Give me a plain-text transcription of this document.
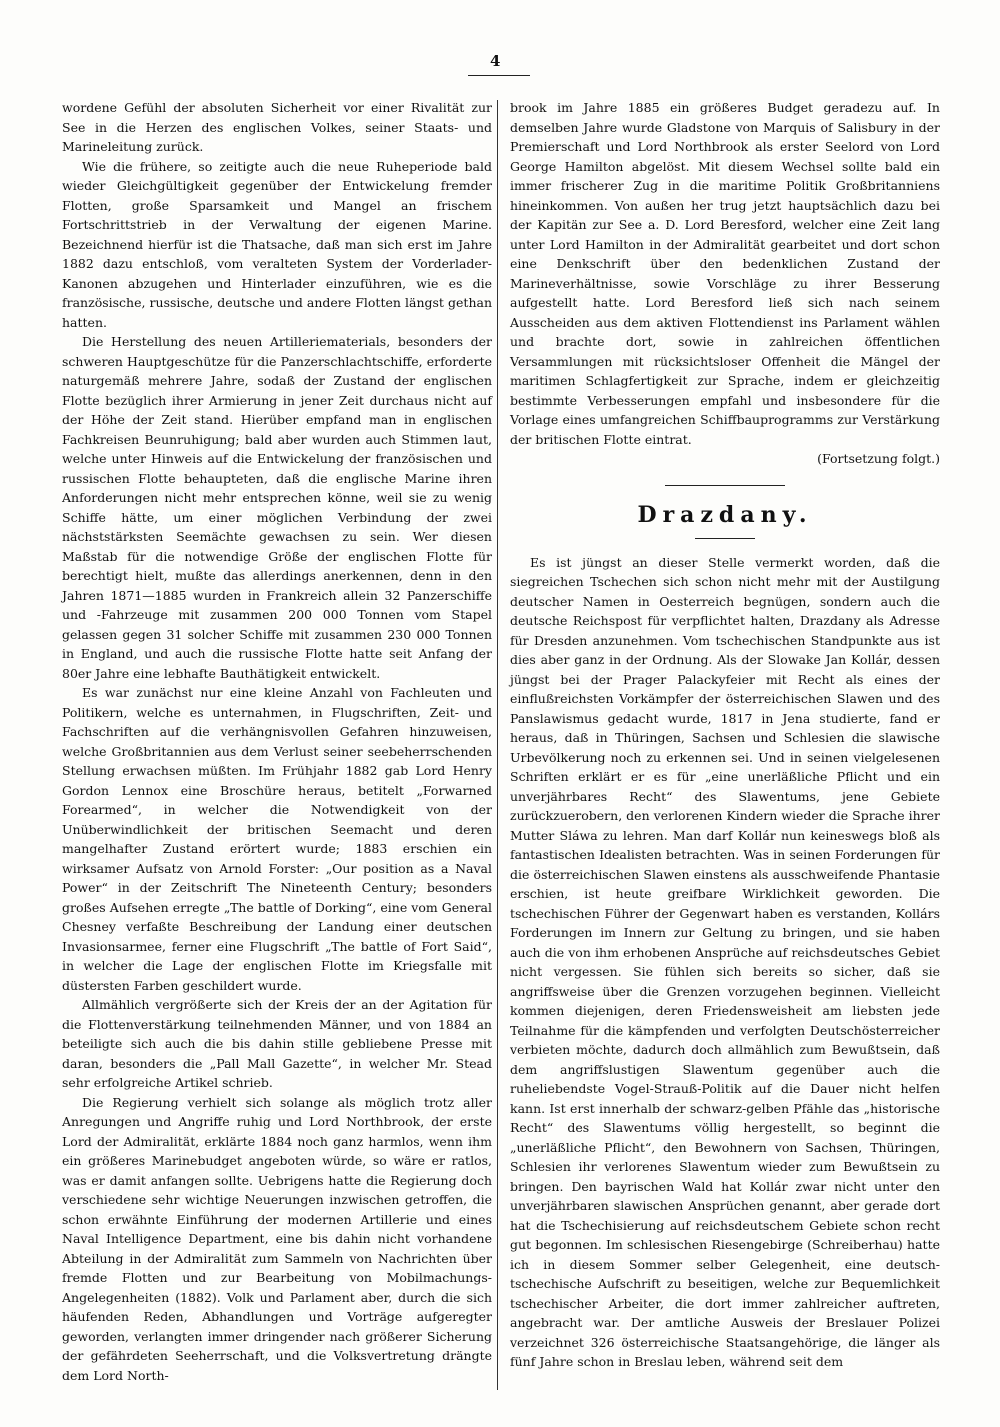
4

wordene Gefühl der absoluten Sicherheit vor einer Rivalität zur See in die Herzen des englischen Volkes, seiner Staats- und Marineleitung zurück.

Wie die frühere, so zeitigte auch die neue Ruheperiode bald wieder Gleichgültigkeit gegenüber der Entwickelung fremder Flotten, große Sparsamkeit und Mangel an frischem Fortschrittstrieb in der Verwaltung der eigenen Marine. Bezeichnend hierfür ist die Thatsache, daß man sich erst im Jahre 1882 dazu entschloß, vom veralteten System der Vorderlader-Kanonen abzugehen und Hinterlader einzuführen, wie es die französische, russische, deutsche und andere Flotten längst gethan hatten.

Die Herstellung des neuen Artilleriematerials, besonders der schweren Hauptgeschütze für die Panzerschlachtschiffe, erforderte naturgemäß mehrere Jahre, sodaß der Zustand der englischen Flotte bezüglich ihrer Armierung in jener Zeit durchaus nicht auf der Höhe der Zeit stand. Hierüber empfand man in englischen Fachkreisen Beunruhigung; bald aber wurden auch Stimmen laut, welche unter Hinweis auf die Entwickelung der französischen und russischen Flotte behaupteten, daß die englische Marine ihren Anforderungen nicht mehr entsprechen könne, weil sie zu wenig Schiffe hätte, um einer möglichen Verbindung der zwei nächststärksten Seemächte gewachsen zu sein. Wer diesen Maßstab für die notwendige Größe der englischen Flotte für berechtigt hielt, mußte das allerdings anerkennen, denn in den Jahren 1871—1885 wurden in Frankreich allein 32 Panzerschiffe und -Fahrzeuge mit zusammen 200 000 Tonnen vom Stapel gelassen gegen 31 solcher Schiffe mit zusammen 230 000 Tonnen in England, und auch die russische Flotte hatte seit Anfang der 80er Jahre eine lebhafte Bauthätigkeit entwickelt.

Es war zunächst nur eine kleine Anzahl von Fachleuten und Politikern, welche es unternahmen, in Flugschriften, Zeit- und Fachschriften auf die verhängnisvollen Gefahren hinzuweisen, welche Großbritannien aus dem Verlust seiner seebeherrschenden Stellung erwachsen müßten. Im Frühjahr 1882 gab Lord Henry Gordon Lennox eine Broschüre heraus, betitelt „Forwarned Forearmed“, in welcher die Notwendigkeit von der Unüberwindlichkeit der britischen Seemacht und deren mangelhafter Zustand erörtert wurde; 1883 erschien ein wirksamer Aufsatz von Arnold Forster: „Our position as a Naval Power“ in der Zeitschrift The Nineteenth Century; besonders großes Aufsehen erregte „The battle of Dorking“, eine vom General Chesney verfaßte Beschreibung der Landung einer deutschen Invasionsarmee, ferner eine Flugschrift „The battle of Fort Said“, in welcher die Lage der englischen Flotte im Kriegsfalle mit düstersten Farben geschildert wurde.

Allmählich vergrößerte sich der Kreis der an der Agitation für die Flottenverstärkung teilnehmenden Männer, und von 1884 an beteiligte sich auch die bis dahin stille gebliebene Presse mit daran, besonders die „Pall Mall Gazette“, in welcher Mr. Stead sehr erfolgreiche Artikel schrieb.

Die Regierung verhielt sich solange als möglich trotz aller Anregungen und Angriffe ruhig und Lord Northbrook, der erste Lord der Admiralität, erklärte 1884 noch ganz harmlos, wenn ihm ein größeres Marinebudget angeboten würde, so wäre er ratlos, was er damit anfangen sollte. Uebrigens hatte die Regierung doch verschiedene sehr wichtige Neuerungen inzwischen getroffen, die schon erwähnte Einführung der modernen Artillerie und eines Naval Intelligence Department, eine bis dahin nicht vorhandene Abteilung in der Admiralität zum Sammeln von Nachrichten über fremde Flotten und zur Bearbeitung von Mobilmachungs-Angelegenheiten (1882). Volk und Parlament aber, durch die sich häufenden Reden, Abhandlungen und Vorträge aufgeregter geworden, verlangten immer dringender nach größerer Sicherung der gefährdeten Seeherrschaft, und die Volksvertretung drängte dem Lord North-

brook im Jahre 1885 ein größeres Budget geradezu auf. In demselben Jahre wurde Gladstone von Marquis of Salisbury in der Premierschaft und Lord Northbrook als erster Seelord von Lord George Hamilton abgelöst. Mit diesem Wechsel sollte bald ein immer frischerer Zug in die maritime Politik Großbritanniens hineinkommen. Von außen her trug jetzt hauptsächlich dazu bei der Kapitän zur See a. D. Lord Beresford, welcher eine Zeit lang unter Lord Hamilton in der Admiralität gearbeitet und dort schon eine Denkschrift über den bedenklichen Zustand der Marineverhältnisse, sowie Vorschläge zu ihrer Besserung aufgestellt hatte. Lord Beresford ließ sich nach seinem Ausscheiden aus dem aktiven Flottendienst ins Parlament wählen und brachte dort, sowie in zahlreichen öffentlichen Versammlungen mit rücksichtsloser Offenheit die Mängel der maritimen Schlagfertigkeit zur Sprache, indem er gleichzeitig bestimmte Verbesserungen empfahl und insbesondere für die Vorlage eines umfangreichen Schiffbauprogramms zur Verstärkung der britischen Flotte eintrat.

(Fortsetzung folgt.)

Drazdany.

Es ist jüngst an dieser Stelle vermerkt worden, daß die siegreichen Tschechen sich schon nicht mehr mit der Austilgung deutscher Namen in Oesterreich begnügen, sondern auch die deutsche Reichspost für verpflichtet halten, Drazdany als Adresse für Dresden anzunehmen. Vom tschechischen Standpunkte aus ist dies aber ganz in der Ordnung. Als der Slowake Jan Kollár, dessen jüngst bei der Prager Palackyfeier mit Recht als eines der einflußreichsten Vorkämpfer der österreichischen Slawen und des Panslawismus gedacht wurde, 1817 in Jena studierte, fand er heraus, daß in Thüringen, Sachsen und Schlesien die slawische Urbevölkerung noch zu erkennen sei. Und in seinen vielgelesenen Schriften erklärt er es für „eine unerläßliche Pflicht und ein unverjährbares Recht“ des Slawentums, jene Gebiete zurückzuerobern, den verlorenen Kindern wieder die Sprache ihrer Mutter Sláwa zu lehren. Man darf Kollár nun keineswegs bloß als fantastischen Idealisten betrachten. Was in seinen Forderungen für die österreichischen Slawen einstens als ausschweifende Phantasie erschien, ist heute greifbare Wirklichkeit geworden. Die tschechischen Führer der Gegenwart haben es verstanden, Kollárs Forderungen im Innern zur Geltung zu bringen, und sie haben auch die von ihm erhobenen Ansprüche auf reichsdeutsches Gebiet nicht vergessen. Sie fühlen sich bereits so sicher, daß sie angriffsweise über die Grenzen vorzugehen beginnen. Vielleicht kommen diejenigen, deren Friedensweisheit am liebsten jede Teilnahme für die kämpfenden und verfolgten Deutschösterreicher verbieten möchte, dadurch doch allmählich zum Bewußtsein, daß dem angriffslustigen Slawentum gegenüber auch die ruheliebendste Vogel-Strauß-Politik auf die Dauer nicht helfen kann. Ist erst innerhalb der schwarz-gelben Pfähle das „historische Recht“ des Slawentums völlig hergestellt, so beginnt die „unerläßliche Pflicht“, den Bewohnern von Sachsen, Thüringen, Schlesien ihr verlorenes Slawentum wieder zum Bewußtsein zu bringen. Den bayrischen Wald hat Kollár zwar nicht unter den unverjährbaren slawischen Ansprüchen genannt, aber gerade dort hat die Tschechisierung auf reichsdeutschem Gebiete schon recht gut begonnen. Im schlesischen Riesengebirge (Schreiberhau) hatte ich in diesem Sommer selber Gelegenheit, eine deutsch-tschechische Aufschrift zu beseitigen, welche zur Bequemlichkeit tschechischer Arbeiter, die dort immer zahlreicher auftreten, angebracht war. Der amtliche Ausweis der Breslauer Polizei verzeichnet 326 österreichische Staatsangehörige, die länger als fünf Jahre schon in Breslau leben, während seit dem
